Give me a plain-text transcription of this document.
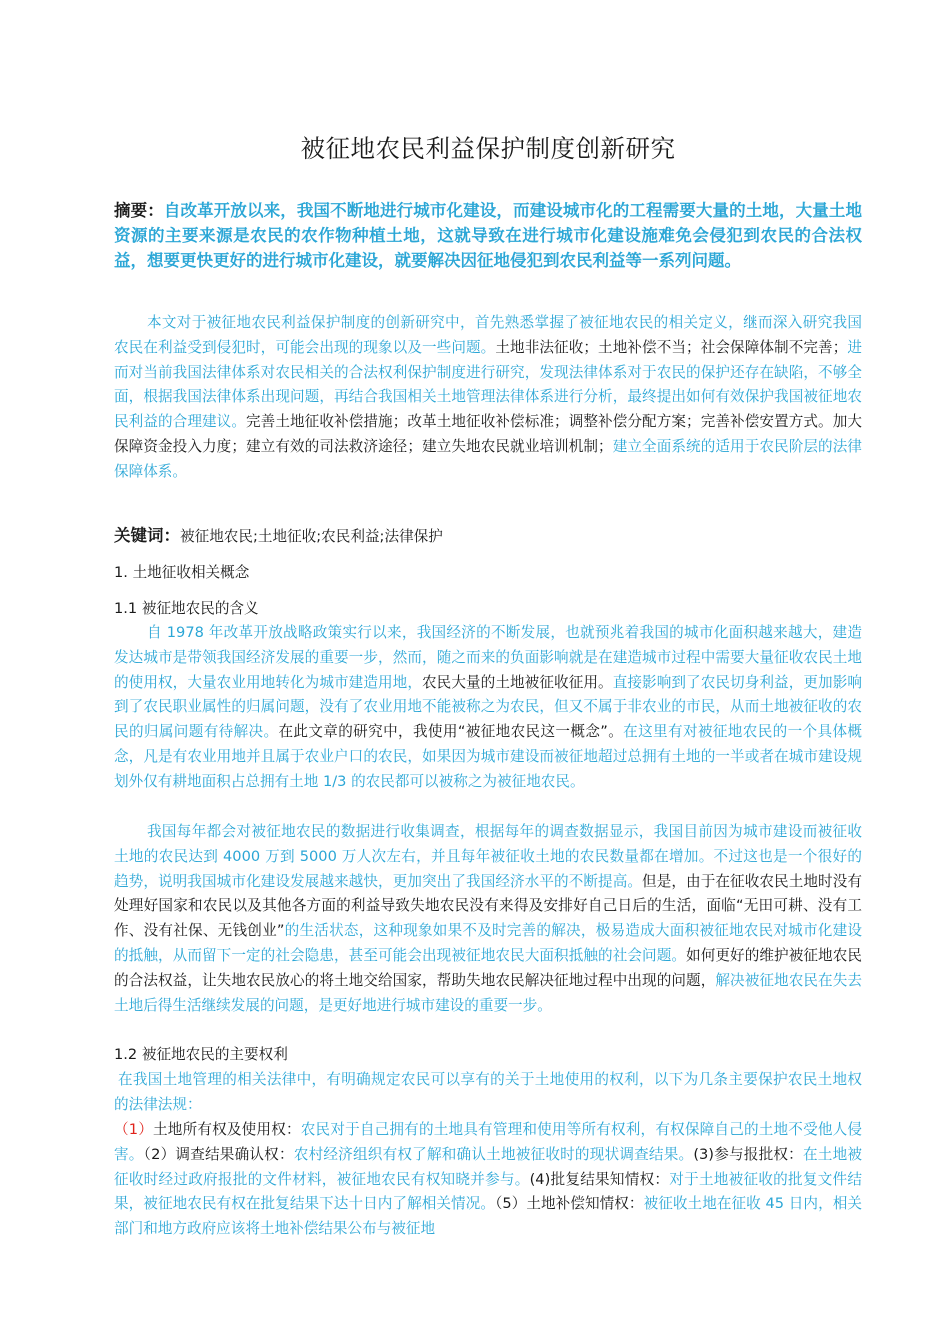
被征地农民利益保护制度创新研究
摘要：自改革开放以来，我国不断地进行城市化建设，而建设城市化的工程需要大量的土地，大量土地资源的主要来源是农民的农作物种植土地，这就导致在进行城市化建设施难免会侵犯到农民的合法权益，想要更快更好的进行城市化建设，就要解决因征地侵犯到农民利益等一系列问题。
本文对于被征地农民利益保护制度的创新研究中，首先熟悉掌握了被征地农民的相关定义，继而深入研究我国农民在利益受到侵犯时，可能会出现的现象以及一些问题。土地非法征收；土地补偿不当；社会保障体制不完善；进而对当前我国法律体系对农民相关的合法权利保护制度进行研究，发现法律体系对于农民的保护还存在缺陷，不够全面，根据我国法律体系出现问题，再结合我国相关土地管理法律体系进行分析，最终提出如何有效保护我国被征地农民利益的合理建议。完善土地征收补偿措施；改革土地征收补偿标准；调整补偿分配方案；完善补偿安置方式。加大保障资金投入力度；建立有效的司法救济途径；建立失地农民就业培训机制；建立全面系统的适用于农民阶层的法律保障体系。
关键词：被征地农民;土地征收;农民利益;法律保护
1. 土地征收相关概念
1.1 被征地农民的含义
自 1978 年改革开放战略政策实行以来，我国经济的不断发展，也就预兆着我国的城市化面积越来越大，建造发达城市是带领我国经济发展的重要一步，然而，随之而来的负面影响就是在建造城市过程中需要大量征收农民土地的使用权，大量农业用地转化为城市建造用地，农民大量的土地被征收征用。直接影响到了农民切身利益，更加影响到了农民职业属性的归属问题，没有了农业用地不能被称之为农民，但又不属于非农业的市民，从而土地被征收的农民的归属问题有待解决。在此文章的研究中，我使用“被征地农民这一概念”。在这里有对被征地农民的一个具体概念，凡是有农业用地并且属于农业户口的农民，如果因为城市建设而被征地超过总拥有土地的一半或者在城市建设规划外仅有耕地面积占总拥有土地 1/3 的农民都可以被称之为被征地农民。
我国每年都会对被征地农民的数据进行收集调查，根据每年的调查数据显示，我国目前因为城市建设而被征收土地的农民达到 4000 万到 5000 万人次左右，并且每年被征收土地的农民数量都在增加。不过这也是一个很好的趋势，说明我国城市化建设发展越来越快，更加突出了我国经济水平的不断提高。但是，由于在征收农民土地时没有处理好国家和农民以及其他各方面的利益导致失地农民没有来得及安排好自己日后的生活，面临“无田可耕、没有工作、没有社保、无钱创业”的生活状态，这种现象如果不及时完善的解决，极易造成大面积被征地农民对城市化建设的抵触，从而留下一定的社会隐患，甚至可能会出现被征地农民大面积抵触的社会问题。如何更好的维护被征地农民的合法权益，让失地农民放心的将土地交给国家，帮助失地农民解决征地过程中出现的问题，解决被征地农民在失去土地后得生活继续发展的问题，是更好地进行城市建设的重要一步。
1.2 被征地农民的主要权利
在我国土地管理的相关法律中，有明确规定农民可以享有的关于土地使用的权利，以下为几条主要保护农民土地权的法律法规：
（1）土地所有权及使用权：农民对于自己拥有的土地具有管理和使用等所有权利，有权保障自己的土地不受他人侵害。（2）调查结果确认权：农村经济组织有权了解和确认土地被征收时的现状调查结果。(3)参与报批权：在土地被征收时经过政府报批的文件材料，被征地农民有权知晓并参与。(4)批复结果知情权：对于土地被征收的批复文件结果，被征地农民有权在批复结果下达十日内了解相关情况。（5）土地补偿知情权：被征收土地在征收 45 日内，相关部门和地方政府应该将土地补偿结果公布与被征地
